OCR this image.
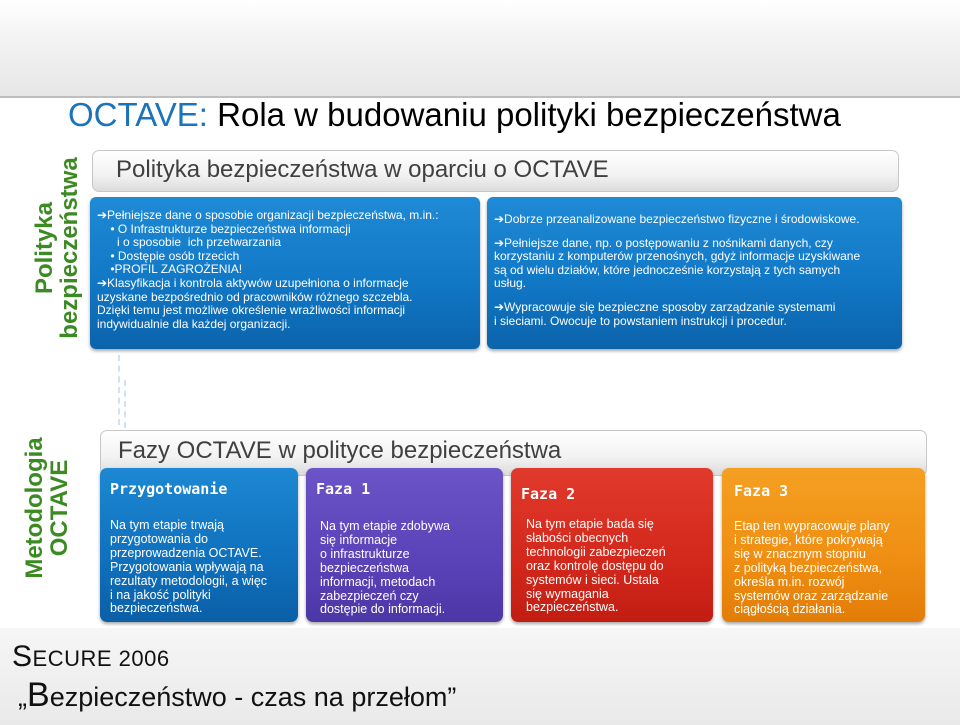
Polityka
bezpieczeństwa
Metodologia
OCTAVE
OCTAVE: Rola w budowaniu polityki bezpieczeństwa
Polityka bezpieczeństwa w oparciu o OCTAVE
➔Pełniejsze dane o sposobie organizacji bezpieczeństwa, m.in.:
• O Infrastrukturze bezpieczeństwa informacji
i o sposobie  ich przetwarzania
• Dostępie osób trzecich
•PROFIL ZAGROŻENIA!
➔Klasyfikacja i kontrola aktywów uzupełniona o informacje
uzyskane bezpośrednio od pracowników różnego szczebla.
Dzięki temu jest możliwe określenie wrażliwości informacji
indywidualnie dla każdej organizacji.
➔Dobrze przeanalizowane bezpieczeństwo fizyczne i środowiskowe.
➔Pełniejsze dane, np. o postępowaniu z nośnikami danych, czy
korzystaniu z komputerów przenośnych, gdyż informacje uzyskiwane
są od wielu działów, które jednocześnie korzystają z tych samych
usług.
➔Wypracowuje się bezpieczne sposoby zarządzanie systemami
i sieciami. Owocuje to powstaniem instrukcji i procedur.
Fazy OCTAVE w polityce bezpieczeństwa
Przygotowanie
Na tym etapie trwają
przygotowania do
przeprowadzenia OCTAVE.
Przygotowania wpływają na
rezultaty metodologii, a więc
i na jakość polityki
bezpieczeństwa.
Faza 1
Na tym etapie zdobywa
się informacje
o infrastrukturze
bezpieczeństwa
informacji, metodach
zabezpieczeń czy
dostępie do informacji.
Faza 2
Na tym etapie bada się
słabości obecnych
technologii zabezpieczeń
oraz kontrolę dostępu do
systemów i sieci. Ustala
się wymagania
bezpieczeństwa.
Faza 3
Etap ten wypracowuje plany
i strategie, które pokrywają
się w znacznym stopniu
z polityką bezpieczeństwa,
określa m.in. rozwój
systemów oraz zarządzanie
ciągłością działania.
SECURE 2006
„Bezpieczeństwo - czas na przełom”
